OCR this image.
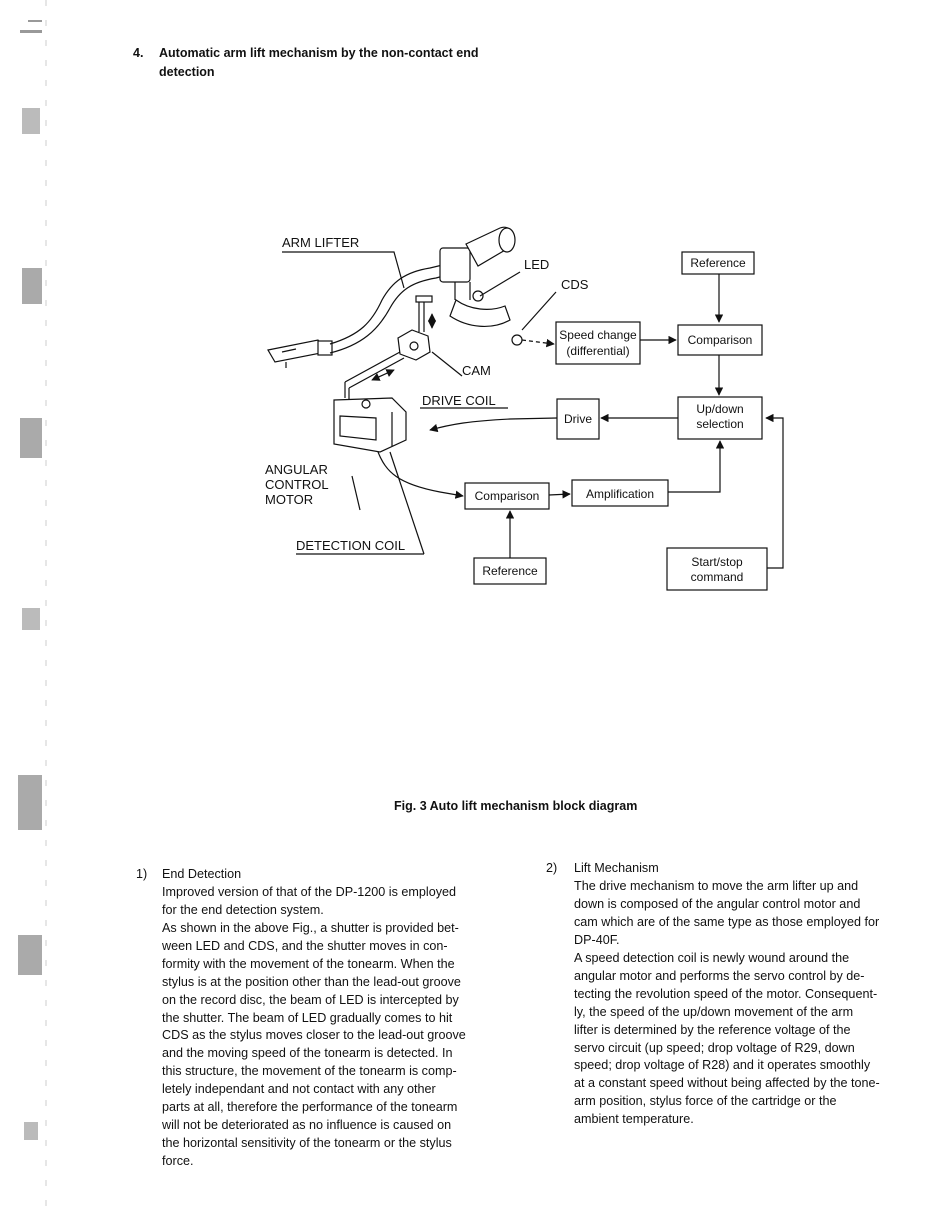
4. Automatic arm lift mechanism by the non-contact end
detection
ARM LIFTER
LED
CDS
CAM
DRIVE COIL
ANGULAR
CONTROL
MOTOR
DETECTION COIL
Reference
Speed change
(differential)
Comparison
Up/down
selection
Drive
Comparison	Amplification
Reference
Start/stop
command
Fig. 3 Auto lift mechanism block diagram
1) End Detection
Improved version of that of the DP-1200 is employed
for the end detection system.
As shown in the above Fig., a shutter is provided bet-
ween LED and CDS, and the shutter moves in con-
formity with the movement of the tonearm. When the
stylus is at the position other than the lead-out groove
on the record disc, the beam of LED is intercepted by
the shutter. The beam of LED gradually comes to hit
CDS as the stylus moves closer to the lead-out groove
and the moving speed of the tonearm is detected. In
this structure, the movement of the tonearm is comp-
letely independant and not contact with any other
parts at all, therefore the performance of the tonearm
will not be deteriorated as no influence is caused on
the horizontal sensitivity of the tonearm or the stylus
force.
2) Lift Mechanism
The drive mechanism to move the arm lifter up and
down is composed of the angular control motor and
cam which are of the same type as those employed for
DP-40F.
A speed detection coil is newly wound around the
angular motor and performs the servo control by de-
tecting the revolution speed of the motor. Consequent-
ly, the speed of the up/down movement of the arm
lifter is determined by the reference voltage of the
servo circuit (up speed; drop voltage of R29, down
speed; drop voltage of R28) and it operates smoothly
at a constant speed without being affected by the tone-
arm position, stylus force of the cartridge or the
ambient temperature.
